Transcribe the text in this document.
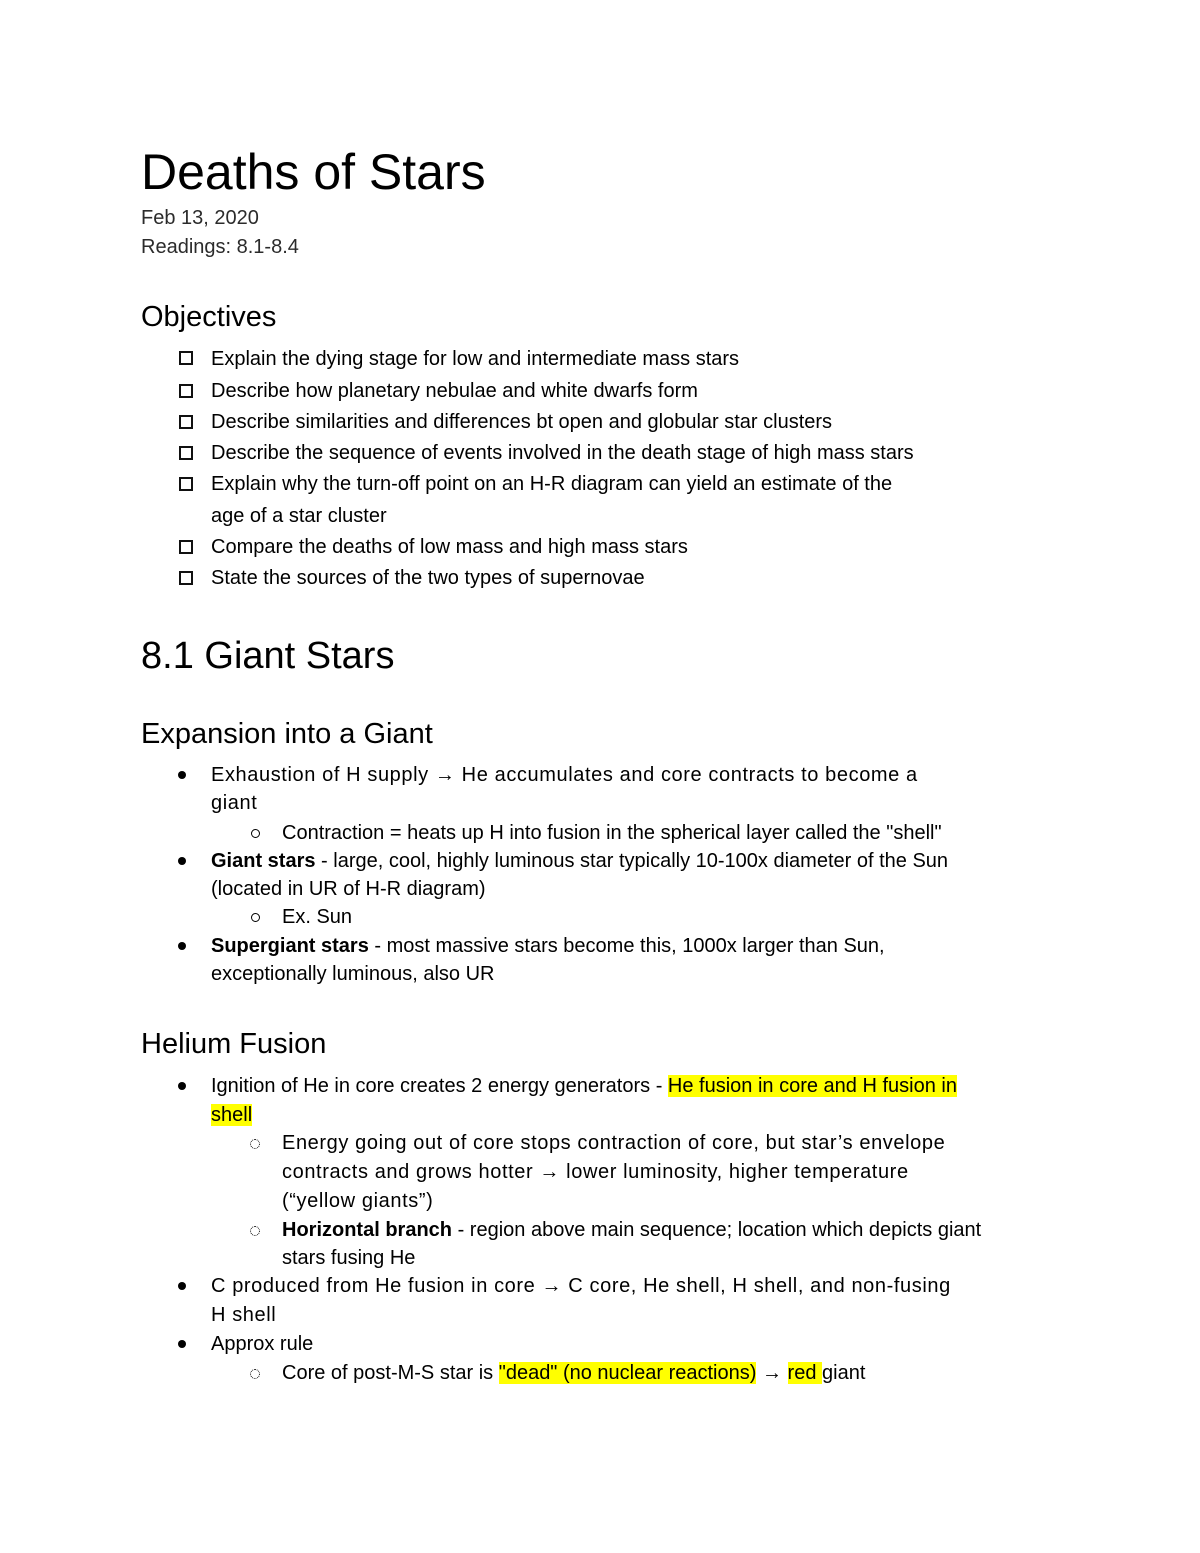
Deaths of Stars
Feb 13, 2020
Readings: 8.1-8.4
Objectives
Explain the dying stage for low and intermediate mass stars
Describe how planetary nebulae and white dwarfs form
Describe similarities and differences bt open and globular star clusters
Describe the sequence of events involved in the death stage of high mass stars
Explain why the turn-off point on an H-R diagram can yield an estimate of the
age of a star cluster
Compare the deaths of low mass and high mass stars
State the sources of the two types of supernovae
8.1 Giant Stars
Expansion into a Giant
Exhaustion of H supply → He accumulates and core contracts to become a
giant
Contraction = heats up H into fusion in the spherical layer called the "shell"
Giant stars - large, cool, highly luminous star typically 10-100x diameter of the Sun
(located in UR of H-R diagram)
Ex. Sun
Supergiant stars - most massive stars become this, 1000x larger than Sun,
exceptionally luminous, also UR
Helium Fusion
Ignition of He in core creates 2 energy generators - He fusion in core and H fusion in
shell
Energy going out of core stops contraction of core, but star’s envelope
contracts and grows hotter → lower luminosity, higher temperature
(“yellow giants”)
Horizontal branch - region above main sequence; location which depicts giant
stars fusing He
C produced from He fusion in core → C core, He shell, H shell, and non-fusing
H shell
Approx rule
Core of post-M-S star is "dead" (no nuclear reactions) → red giant
